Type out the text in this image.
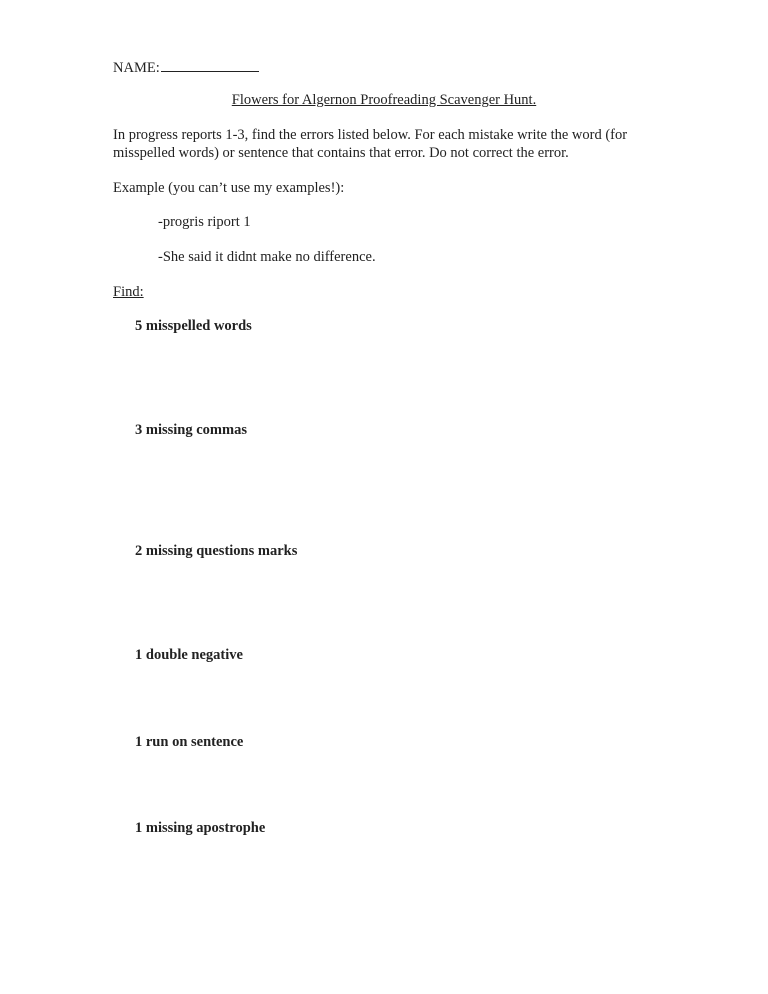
NAME:
Flowers for Algernon Proofreading Scavenger Hunt.
In progress reports 1-3, find the errors listed below. For each mistake write the word (for misspelled words) or sentence that contains that error. Do not correct the error.
Example (you can’t use my examples!):
-progris riport 1
-She said it didnt make no difference.
Find:
5 misspelled words
3 missing commas
2 missing questions marks
1 double negative
1 run on sentence
1 missing apostrophe
